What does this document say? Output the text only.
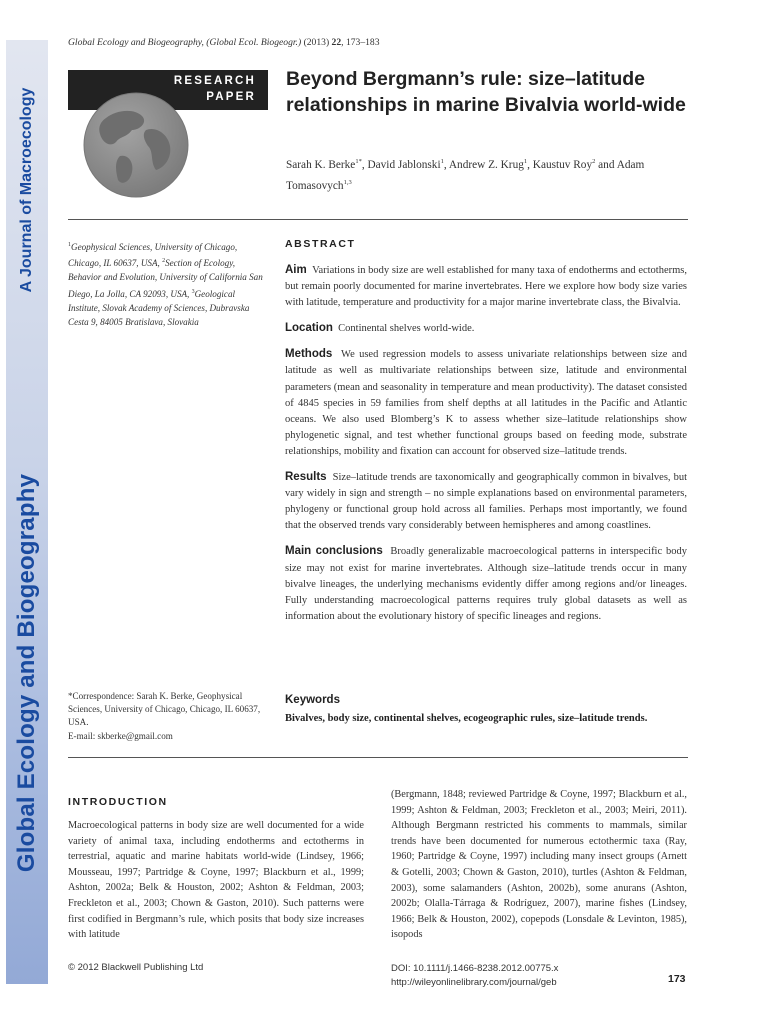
A Journal of Macroecology
Global Ecology and Biogeography
Global Ecology and Biogeography, (Global Ecol. Biogeogr.) (2013) 22, 173–183
RESEARCH
PAPER
Beyond Bergmann’s rule: size–latitude relationships in marine Bivalvia world-wide
Sarah K. Berke$^{1*}$, David Jablonski$^1$, Andrew Z. Krug$^1$, Kaustuv Roy$^2$ and Adam Tomasovych$^{1,3}$
$^1$Geophysical Sciences, University of Chicago, Chicago, IL 60637, USA, $^2$Section of Ecology, Behavior and Evolution, University of California San Diego, La Jolla, CA 92093, USA, $^3$Geological Institute, Slovak Academy of Sciences, Dubravska Cesta 9, 84005 Bratislava, Slovakia
*Correspondence: Sarah K. Berke, Geophysical Sciences, University of Chicago, Chicago, IL 60637, USA.
E-mail: skberke@gmail.com
ABSTRACT

Aim Variations in body size are well established for many taxa of endotherms and ectotherms, but remain poorly documented for marine invertebrates. Here we explore how body size varies with latitude, temperature and productivity for a major marine invertebrate class, the Bivalvia.

Location Continental shelves world-wide.

Methods We used regression models to assess univariate relationships between size and latitude as well as multivariate relationships between size, latitude and environmental parameters (mean and seasonality in temperature and mean productivity). The dataset consisted of 4845 species in 59 families from shelf depths at all latitudes in the Pacific and Atlantic oceans. We also used Blomberg’s K to assess whether size–latitude relationships show phylogenetic signal, and test whether functional groups based on feeding mode, substrate relationships, mobility and fixation can account for observed size–latitude trends.

Results Size–latitude trends are taxonomically and geographically common in bivalves, but vary widely in sign and strength – no simple explanations based on environmental parameters, phylogeny or functional group hold across all families. Perhaps most importantly, we found that the observed trends vary considerably between hemispheres and among coastlines.

Main conclusions Broadly generalizable macroecological patterns in interspecific body size may not exist for marine invertebrates. Although size–latitude trends occur in many bivalve lineages, the underlying mechanisms evidently differ among regions and/or lineages. Fully understanding macroecological patterns requires truly global datasets as well as information about the evolutionary history of specific lineages and regions.

Keywords
Bivalves, body size, continental shelves, ecogeographic rules, size–latitude trends.
INTRODUCTION
Macroecological patterns in body size are well documented for a wide variety of animal taxa, including endotherms and ectotherms in terrestrial, aquatic and marine habitats world-wide (Lindsey, 1966; Mousseau, 1997; Partridge & Coyne, 1997; Blackburn et al., 1999; Ashton, 2002a; Belk & Houston, 2002; Ashton & Feldman, 2003; Freckleton et al., 2003; Chown & Gaston, 2010). Such patterns were first codified in Bergmann’s rule, which posits that body size increases with latitude
(Bergmann, 1848; reviewed Partridge & Coyne, 1997; Blackburn et al., 1999; Ashton & Feldman, 2003; Freckleton et al., 2003; Meiri, 2011). Although Bergmann restricted his comments to mammals, similar trends have been documented for numerous ectothermic taxa (Ray, 1960; Partridge & Coyne, 1997) including many insect groups (Arnett & Gotelli, 2003; Chown & Gaston, 2010), turtles (Ashton & Feldman, 2003), some salamanders (Ashton, 2002b), some anurans (Ashton, 2002b; Olalla-Tárraga & Rodríguez, 2007), marine fishes (Lindsey, 1966; Belk & Houston, 2002), copepods (Lonsdale & Levinton, 1985), isopods
© 2012 Blackwell Publishing Ltd	DOI: 10.1111/j.1466-8238.2012.00775.x
http://wileyonlinelibrary.com/journal/geb	173
